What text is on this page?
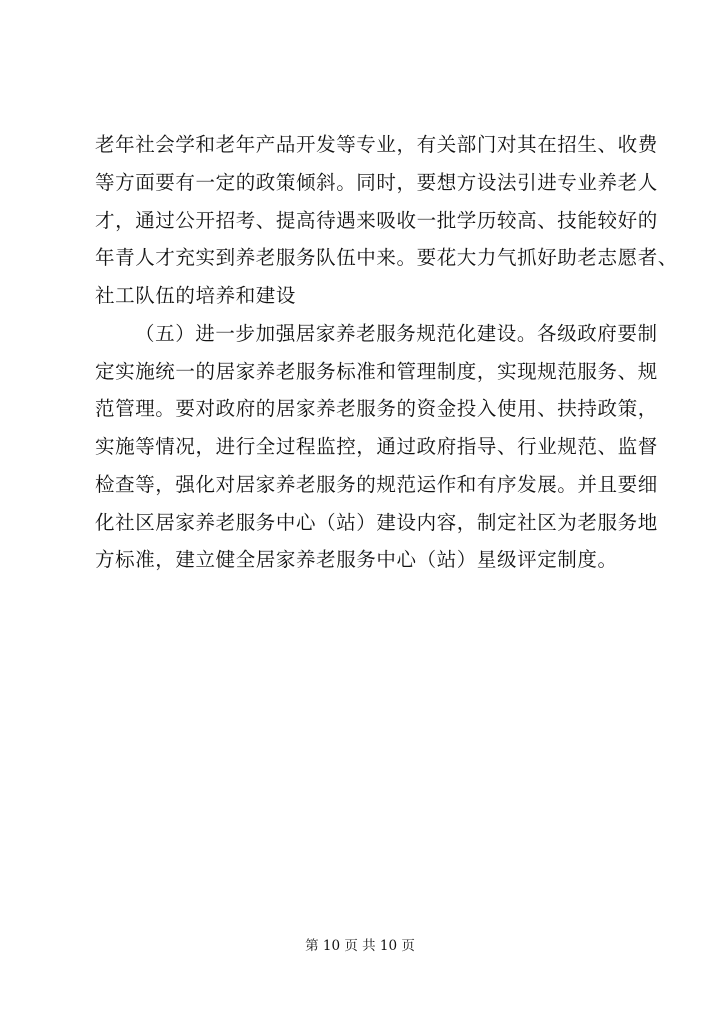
老年社会学和老年产品开发等专业，有关部门对其在招生、收费
等方面要有一定的政策倾斜。同时，要想方设法引进专业养老人
才，通过公开招考、提高待遇来吸收一批学历较高、技能较好的
年青人才充实到养老服务队伍中来。要花大力气抓好助老志愿者、
社工队伍的培养和建设
（五）进一步加强居家养老服务规范化建设。各级政府要制
定实施统一的居家养老服务标准和管理制度，实现规范服务、规
范管理。要对政府的居家养老服务的资金投入使用、扶持政策，
实施等情况，进行全过程监控，通过政府指导、行业规范、监督
检查等，强化对居家养老服务的规范运作和有序发展。并且要细
化社区居家养老服务中心（站）建设内容，制定社区为老服务地
方标准，建立健全居家养老服务中心（站）星级评定制度。
第 10 页 共 10 页
